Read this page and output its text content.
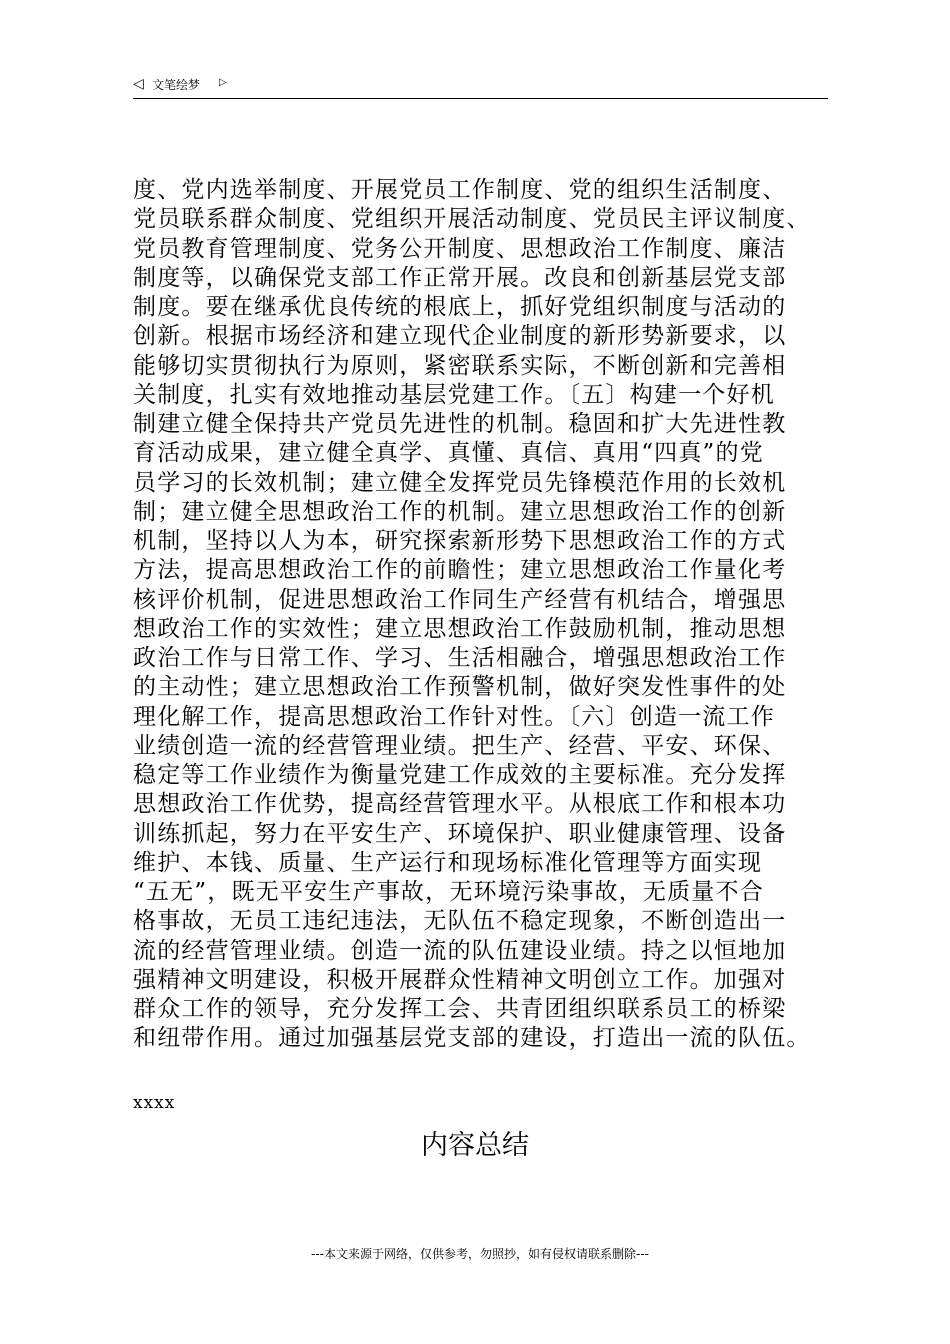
◁ 文笔绘梦 ▷
度、党内选举制度、开展党员工作制度、党的组织生活制度、
党员联系群众制度、党组织开展活动制度、党员民主评议制度、
党员教育管理制度、党务公开制度、思想政治工作制度、廉洁
制度等，以确保党支部工作正常开展。改良和创新基层党支部
制度。要在继承优良传统的根底上，抓好党组织制度与活动的
创新。根据市场经济和建立现代企业制度的新形势新要求，以
能够切实贯彻执行为原则，紧密联系实际，不断创新和完善相
关制度，扎实有效地推动基层党建工作。〔五〕构建一个好机
制建立健全保持共产党员先进性的机制。稳固和扩大先进性教
育活动成果，建立健全真学、真懂、真信、真用“四真”的党
员学习的长效机制；建立健全发挥党员先锋模范作用的长效机
制；建立健全思想政治工作的机制。建立思想政治工作的创新
机制，坚持以人为本，研究探索新形势下思想政治工作的方式
方法，提高思想政治工作的前瞻性；建立思想政治工作量化考
核评价机制，促进思想政治工作同生产经营有机结合，增强思
想政治工作的实效性；建立思想政治工作鼓励机制，推动思想
政治工作与日常工作、学习、生活相融合，增强思想政治工作
的主动性；建立思想政治工作预警机制，做好突发性事件的处
理化解工作，提高思想政治工作针对性。〔六〕创造一流工作
业绩创造一流的经营管理业绩。把生产、经营、平安、环保、
稳定等工作业绩作为衡量党建工作成效的主要标准。充分发挥
思想政治工作优势，提高经营管理水平。从根底工作和根本功
训练抓起，努力在平安生产、环境保护、职业健康管理、设备
维护、本钱、质量、生产运行和现场标准化管理等方面实现
“五无”，既无平安生产事故，无环境污染事故，无质量不合
格事故，无员工违纪违法，无队伍不稳定现象，不断创造出一
流的经营管理业绩。创造一流的队伍建设业绩。持之以恒地加
强精神文明建设，积极开展群众性精神文明创立工作。加强对
群众工作的领导，充分发挥工会、共青团组织联系员工的桥梁
和纽带作用。通过加强基层党支部的建设，打造出一流的队伍。
xxxx
内容总结
---本文来源于网络，仅供参考，勿照抄，如有侵权请联系删除---
